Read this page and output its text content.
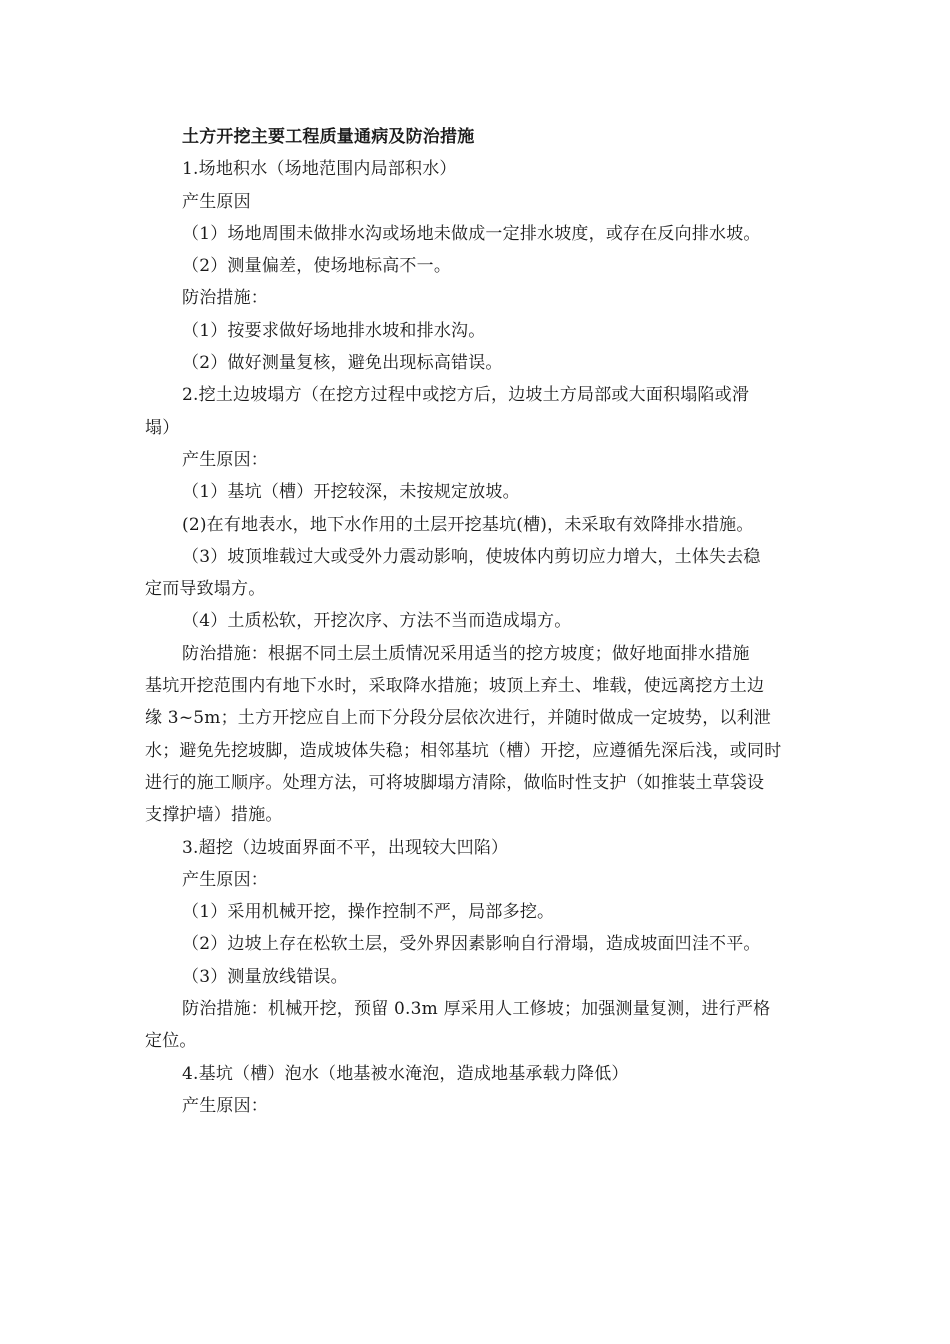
土方开挖主要工程质量通病及防治措施
1.场地积水（场地范围内局部积水）
产生原因
（1）场地周围未做排水沟或场地未做成一定排水坡度，或存在反向排水坡。
（2）测量偏差，使场地标高不一。
防治措施：
（1）按要求做好场地排水坡和排水沟。
（2）做好测量复核，避免出现标高错误。
2.挖土边坡塌方（在挖方过程中或挖方后，边坡土方局部或大面积塌陷或滑
塌）
产生原因：
（1）基坑（槽）开挖较深，未按规定放坡。
(2)在有地表水，地下水作用的土层开挖基坑(槽)，未采取有效降排水措施。
（3）坡顶堆载过大或受外力震动影响，使坡体内剪切应力增大，土体失去稳
定而导致塌方。
（4）土质松软，开挖次序、方法不当而造成塌方。
防治措施：根据不同土层土质情况采用适当的挖方坡度；做好地面排水措施
基坑开挖范围内有地下水时，采取降水措施；坡顶上弃土、堆载，使远离挖方土边
缘 3~5m；土方开挖应自上而下分段分层依次进行，并随时做成一定坡势，以利泄
水；避免先挖坡脚，造成坡体失稳；相邻基坑（槽）开挖，应遵循先深后浅，或同时
进行的施工顺序。处理方法，可将坡脚塌方清除，做临时性支护（如推装土草袋设
支撑护墙）措施。
3.超挖（边坡面界面不平，出现较大凹陷）
产生原因：
（1）采用机械开挖，操作控制不严，局部多挖。
（2）边坡上存在松软土层，受外界因素影响自行滑塌，造成坡面凹洼不平。
（3）测量放线错误。
防治措施：机械开挖，预留 0.3m 厚采用人工修坡；加强测量复测，进行严格
定位。
4.基坑（槽）泡水（地基被水淹泡，造成地基承载力降低）
产生原因：
